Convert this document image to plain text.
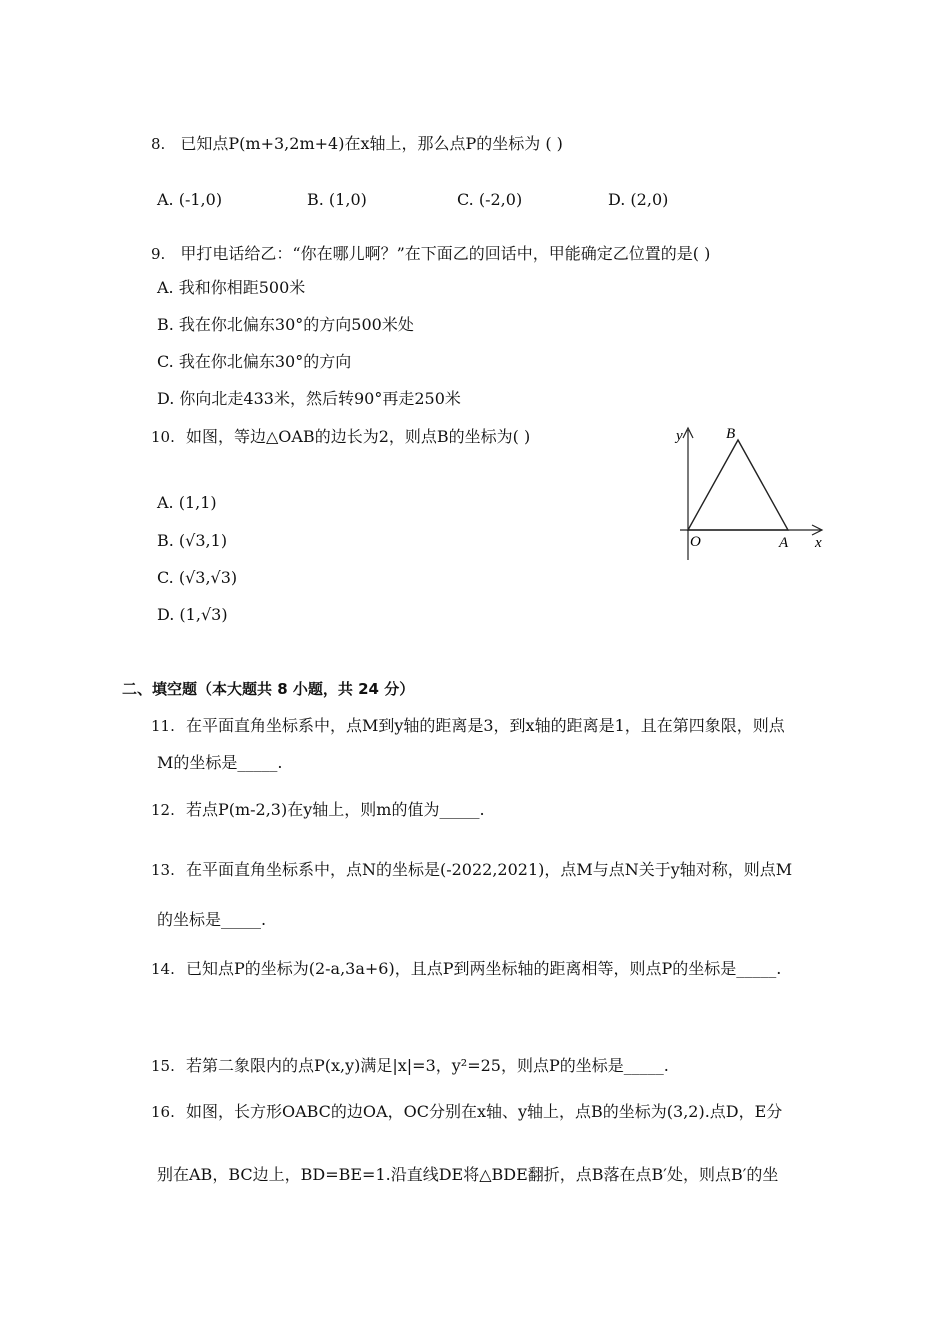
8. 已知点P(m+3,2m+4)在x轴上，那么点P的坐标为 ( )
A. (-1,0)	B. (1,0)	C. (-2,0)	D. (2,0)
9. 甲打电话给乙：“你在哪儿啊？”在下面乙的回话中，甲能确定乙位置的是( )
A. 我和你相距500米
B. 我在你北偏东30°的方向500米处
C. 我在你北偏东30°的方向
D. 你向北走433米，然后转90°再走250米
10. 如图，等边△OAB的边长为2，则点B的坐标为( )
A. (1,1)
B. (√3,1)
C. (√3,√3)
D. (1,√3)
y	B
O	A x
二、填空题（本大题共 8 小题，共 24 分）
11. 在平面直角坐标系中，点M到y轴的距离是3，到x轴的距离是1，且在第四象限，则点
M的坐标是_____.
12. 若点P(m-2,3)在y轴上，则m的值为_____.
13. 在平面直角坐标系中，点N的坐标是(-2022,2021)，点M与点N关于y轴对称，则点M
的坐标是_____.
14. 已知点P的坐标为(2-a,3a+6)，且点P到两坐标轴的距离相等，则点P的坐标是_____.
15. 若第二象限内的点P(x,y)满足|x|=3，y²=25，则点P的坐标是_____.
16. 如图，长方形OABC的边OA，OC分别在x轴、y轴上，点B的坐标为(3,2).点D，E分
别在AB，BC边上，BD=BE=1.沿直线DE将△BDE翻折，点B落在点B′处，则点B′的坐
